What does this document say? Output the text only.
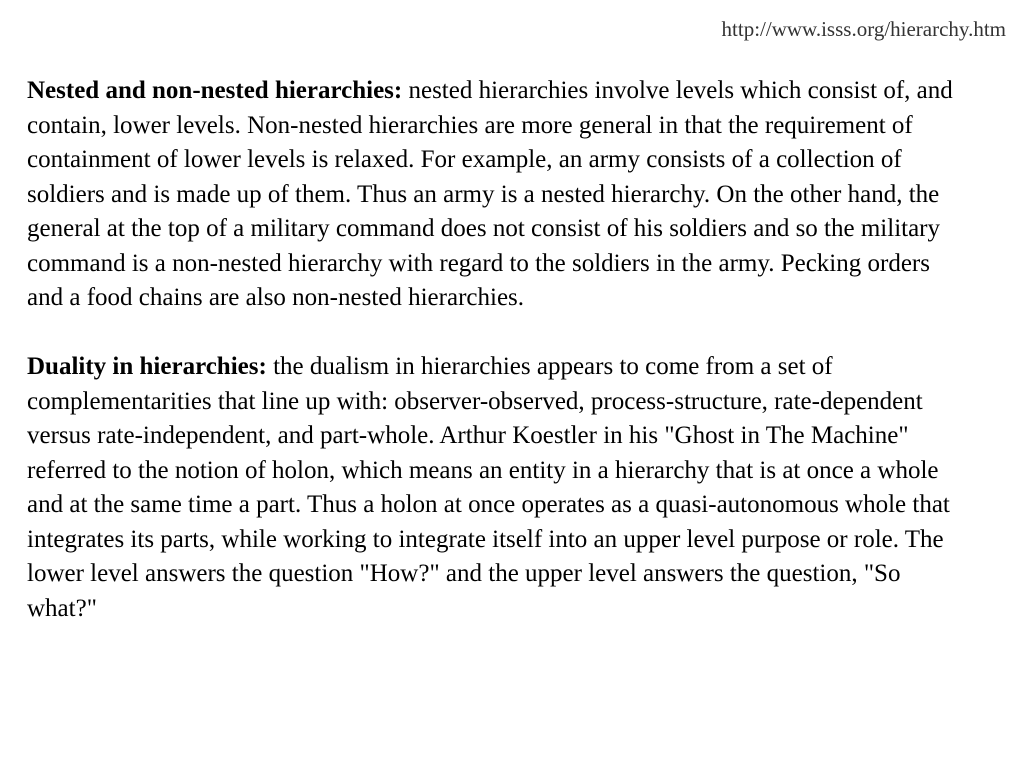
http://www.isss.org/hierarchy.htm

Nested and non-nested hierarchies: nested hierarchies involve levels which consist of, and contain, lower levels. Non-nested hierarchies are more general in that the requirement of containment of lower levels is relaxed. For example, an army consists of a collection of soldiers and is made up of them. Thus an army is a nested hierarchy. On the other hand, the general at the top of a military command does not consist of his soldiers and so the military command is a non-nested hierarchy with regard to the soldiers in the army. Pecking orders and a food chains are also non-nested hierarchies.

Duality in hierarchies: the dualism in hierarchies appears to come from a set of complementarities that line up with: observer-observed, process-structure, rate-dependent versus rate-independent, and part-whole. Arthur Koestler in his "Ghost in The Machine" referred to the notion of holon, which means an entity in a hierarchy that is at once a whole and at the same time a part. Thus a holon at once operates as a quasi-autonomous whole that integrates its parts, while working to integrate itself into an upper level purpose or role. The lower level answers the question "How?" and the upper level answers the question, "So what?"
